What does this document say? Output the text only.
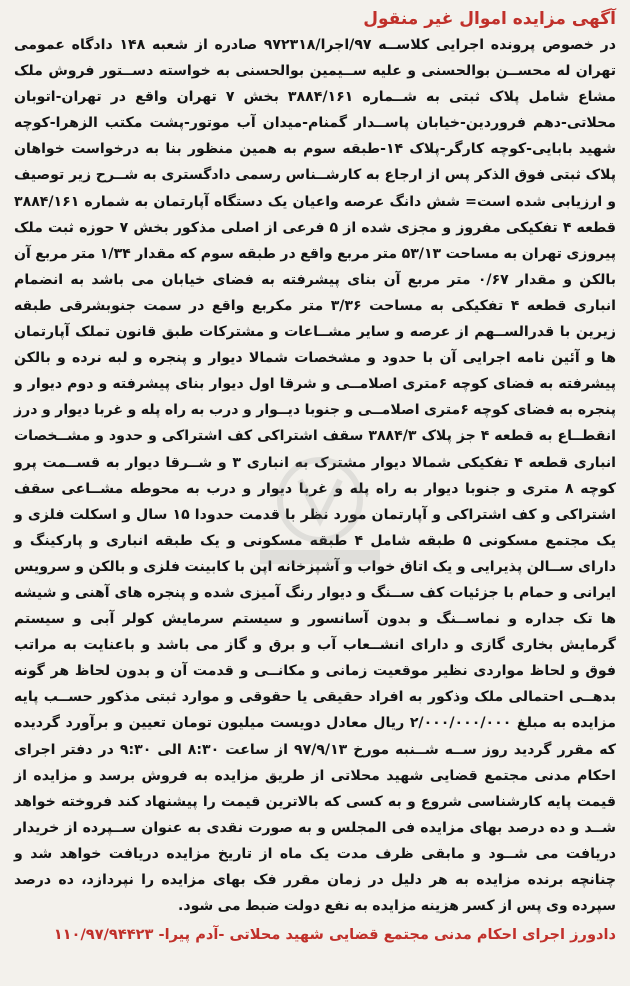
آگهی مزایده اموال غیر منقول

در خصوص پرونده اجرایی کلاســه ۹۷/اجرا/۹۷۲۳۱۸ صادره از شعبه ۱۴۸ دادگاه عمومی تهران له محســن بوالحسنی و علیه ســیمین بوالحسنی به خواسته دســتور فروش ملک مشاع شامل پلاک ثبتی به شــماره ۳۸۸۴/۱۶۱ بخش ۷ تهران واقع در تهران-اتوبان محلاتی-دهم فروردین-خیابان پاســدار گمنام-میدان آب موتور-پشت مکتب الزهرا-کوچه شهید بابایی-کوچه کارگر-پلاک ۱۴-طبقه سوم به همین منظور بنا به درخواست خواهان پلاک ثبتی فوق الذکر پس از ارجاع به کارشــناس رسمی دادگستری به شــرح زیر توصیف و ارزیابی شده است= شش دانگ عرصه واعیان یک دستگاه آپارتمان به شماره ۳۸۸۴/۱۶۱ قطعه ۴ تفکیکی مفروز و مجزی شده از ۵ فرعی از اصلی مذکور بخش ۷ حوزه ثبت ملک پیروزی تهران به مساحت ۵۳/۱۳ متر مربع واقع در طبقه سوم که مقدار ۱/۳۴ متر مربع آن بالکن و مقدار ۰/۶۷ متر مربع آن بنای پیشرفته به فضای خیابان می باشد به انضمام انباری قطعه ۴ تفکیکی به مساحت ۳/۳۶ متر مکربع واقع در سمت جنوبشرقی طبقه زیرین با قدرالســهم از عرصه و سایر مشــاعات و مشترکات طبق قانون تملک آپارتمان ها و آئین نامه اجرایی آن با حدود و مشخصات شمالا دیوار و پنجره و لبه نرده و بالکن پیشرفته به فضای کوچه ۶متری اصلامــی و شرقا اول دیوار بنای پیشرفته و دوم دیوار و پنجره به فضای کوچه ۶متری اصلامــی و جنوبا دیــوار و درب به راه پله و غربا دیوار و درز انقطــاع به قطعه ۴ جز پلاک ۳۸۸۴/۳ سقف اشتراکی کف اشتراکی و حدود و مشــخصات انباری قطعه ۴ تفکیکی شمالا دیوار مشترک به انباری ۳ و شــرقا دیوار به قســمت پرو کوچه ۸ متری و جنوبا دیوار به راه پله و غربا دیوار و درب به محوطه مشــاعی سقف اشتراکی و کف اشتراکی و آپارتمان مورد نظر با قدمت حدودا ۱۵ سال و اسکلت فلزی و یک مجتمع مسکونی ۵ طبقه شامل ۴ طبقه مسکونی و یک طبقه انباری و پارکینگ و دارای ســالن پذیرایی و یک اتاق خواب و آشپزخانه اپن با کابینت فلزی و بالکن و سرویس ایرانی و حمام با جزئیات کف ســنگ و دیوار رنگ آمیزی شده و پنجره های آهنی و شیشه ها تک جداره و نماســنگ و بدون آسانسور و سیستم سرمایش کولر آبی و سیستم گرمایش بخاری گازی و دارای انشــعاب آب و برق و گاز می باشد و باعنایت به مراتب فوق و لحاظ مواردی نظیر موقعیت زمانی و مکانــی و قدمت آن و بدون لحاظ هر گونه بدهــی احتمالی ملک وذکور به افراد حقیقی یا حقوقی و موارد ثبتی مذکور حســب پایه مزایده به مبلغ ۲/۰۰۰/۰۰۰/۰۰۰ ریال معادل دویست میلیون تومان تعیین و برآورد گردیده که مقرر گردید روز ســه شــنبه مورخ ۹۷/۹/۱۳ از ساعت ۸:۳۰ الی ۹:۳۰ در دفتر اجرای احکام مدنی مجتمع قضایی شهید محلاتی از طریق مزایده به فروش برسد و مزایده از قیمت پایه کارشناسی شروع و به کسی که بالاترین قیمت را پیشنهاد کند فروخته خواهد شــد و ده درصد بهای مزایده فی المجلس و به صورت نقدی به عنوان ســپرده از خریدار دریافت می شــود و مابقی ظرف مدت یک ماه از تاریخ مزایده دریافت خواهد شد و چنانچه برنده مزایده به هر دلیل در زمان مقرر فک بهای مزایده را نپردازد، ده درصد سپرده وی پس از کسر هزینه مزایده به نفع دولت ضبط می شود.

دادورز اجرای احکام مدنی مجتمع قضایی شهید محلاتی -آدم پیرا- ۱۱۰/۹۷/۹۴۴۲۳
